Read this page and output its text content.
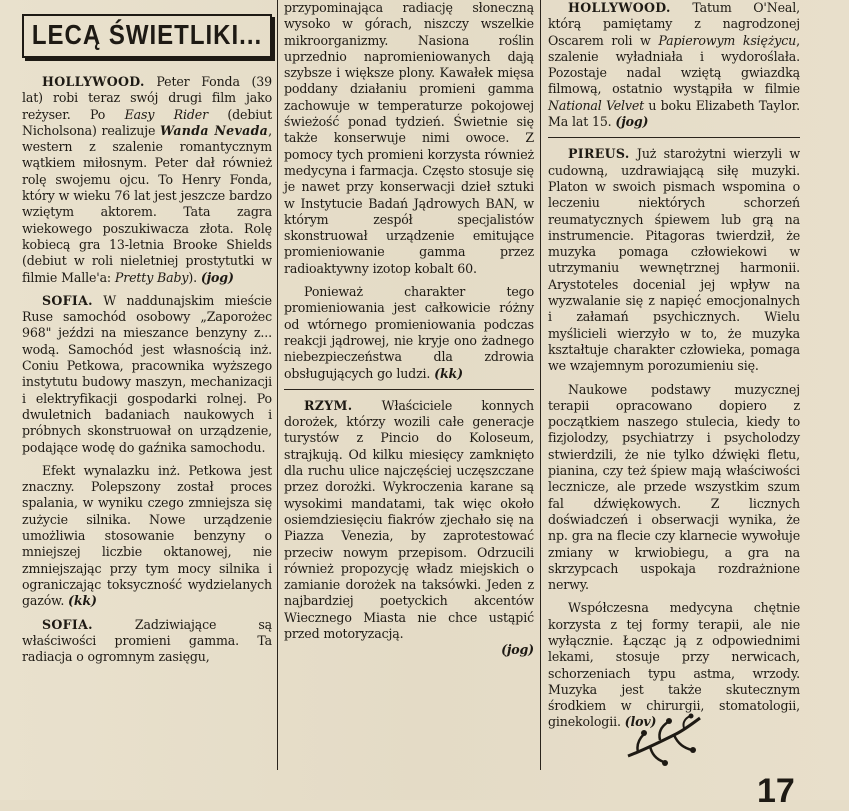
LECĄ ŚWIETLIKI...

HOLLYWOOD. Peter Fonda (39 lat) robi teraz swój drugi film jako reżyser. Po Easy Rider (debiut Nicholsona) realizuje Wanda Nevada, western z szalenie romantycznym wątkiem miłosnym. Peter dał również rolę swojemu ojcu. To Henry Fonda, który w wieku 76 lat jest jeszcze bardzo wziętym aktorem. Tata zagra wiekowego poszukiwacza złota. Rolę kobiecą gra 13-letnia Brooke Shields (debiut w roli nieletniej prostytutki w filmie Malle'a: Pretty Baby). (jog)

SOFIA. W naddunajskim mieście Ruse samochód osobowy „Zaporożec 968" jeździ na mieszance benzyny z... wodą. Samochód jest własnością inż. Coniu Petkowa, pracownika wyższego instytutu budowy maszyn, mechanizacji i elektryfikacji gospodarki rolnej. Po dwuletnich badaniach naukowych i próbnych skonstruował on urządzenie, podające wodę do gaźnika samochodu.

Efekt wynalazku inż. Petkowa jest znaczny. Polepszony został proces spalania, w wyniku czego zmniejsza się zużycie silnika. Nowe urządzenie umożliwia stosowanie benzyny o mniejszej liczbie oktanowej, nie zmniejszając przy tym mocy silnika i ograniczając toksyczność wydzielanych gazów. (kk)

SOFIA. Zadziwiające są właściwości promieni gamma. Ta radiacja o ogromnym zasięgu,

przypominająca radiację słoneczną wysoko w górach, niszczy wszelkie mikroorganizmy. Nasiona roślin uprzednio napromieniowanych dają szybsze i większe plony. Kawałek mięsa poddany działaniu promieni gamma zachowuje w temperaturze pokojowej świeżość ponad tydzień. Świetnie się także konserwuje nimi owoce. Z pomocy tych promieni korzysta również medycyna i farmacja. Często stosuje się je nawet przy konserwacji dzieł sztuki w Instytucie Badań Jądrowych BAN, w którym zespół specjalistów skonstruował urządzenie emitujące promieniowanie gamma przez radioaktywny izotop kobalt 60.

Ponieważ charakter tego promieniowania jest całkowicie różny od wtórnego promieniowania podczas reakcji jądrowej, nie kryje ono żadnego niebezpieczeństwa dla zdrowia obsługujących go ludzi. (kk)

RZYM. Właściciele konnych dorożek, którzy wozili całe generacje turystów z Pincio do Koloseum, strajkują. Od kilku miesięcy zamknięto dla ruchu ulice najczęściej uczęszczane przez dorożki. Wykroczenia karane są wysokimi mandatami, tak więc około osiemdziesięciu fiakrów zjechało się na Piazza Venezia, by zaprotestować przeciw nowym przepisom. Odrzucili również propozycję władz miejskich o zamianie dorożek na taksówki. Jeden z najbardziej poetyckich akcentów Wiecznego Miasta nie chce ustąpić przed motoryzacją.
(jog)

HOLLYWOOD. Tatum O'Neal, którą pamiętamy z nagrodzonej Oscarem roli w Papierowym księżycu, szalenie wyładniała i wydoroślała. Pozostaje nadal wziętą gwiazdką filmową, ostatnio wystąpiła w filmie National Velvet u boku Elizabeth Taylor. Ma lat 15. (jog)

PIREUS. Już starożytni wierzyli w cudowną, uzdrawiającą siłę muzyki. Platon w swoich pismach wspomina o leczeniu niektórych schorzeń reumatycznych śpiewem lub grą na instrumencie. Pitagoras twierdził, że muzyka pomaga człowiekowi w utrzymaniu wewnętrznej harmonii. Arystoteles docenial jej wpływ na wyzwalanie się z napięć emocjonalnych i załamań psychicznych. Wielu myślicieli wierzyło w to, że muzyka kształtuje charakter człowieka, pomaga we wzajemnym porozumieniu się.

Naukowe podstawy muzycznej terapii opracowano dopiero z początkiem naszego stulecia, kiedy to fizjolodzy, psychiatrzy i psycholodzy stwierdzili, że nie tylko dźwięki fletu, pianina, czy też śpiew mają właściwości lecznicze, ale przede wszystkim szum fal dźwiękowych. Z licznych doświadczeń i obserwacji wynika, że np. gra na flecie czy klarnecie wywołuje zmiany w krwiobiegu, a gra na skrzypcach uspokaja rozdrażnione nerwy.

Współczesna medycyna chętnie korzysta z tej formy terapii, ale nie wyłącznie. Łącząc ją z odpowiednimi lekami, stosuje przy nerwicach, schorzeniach typu astma, wrzody. Muzyka jest także skutecznym środkiem w chirurgii, stomatologii, ginekologii. (lov)

17
